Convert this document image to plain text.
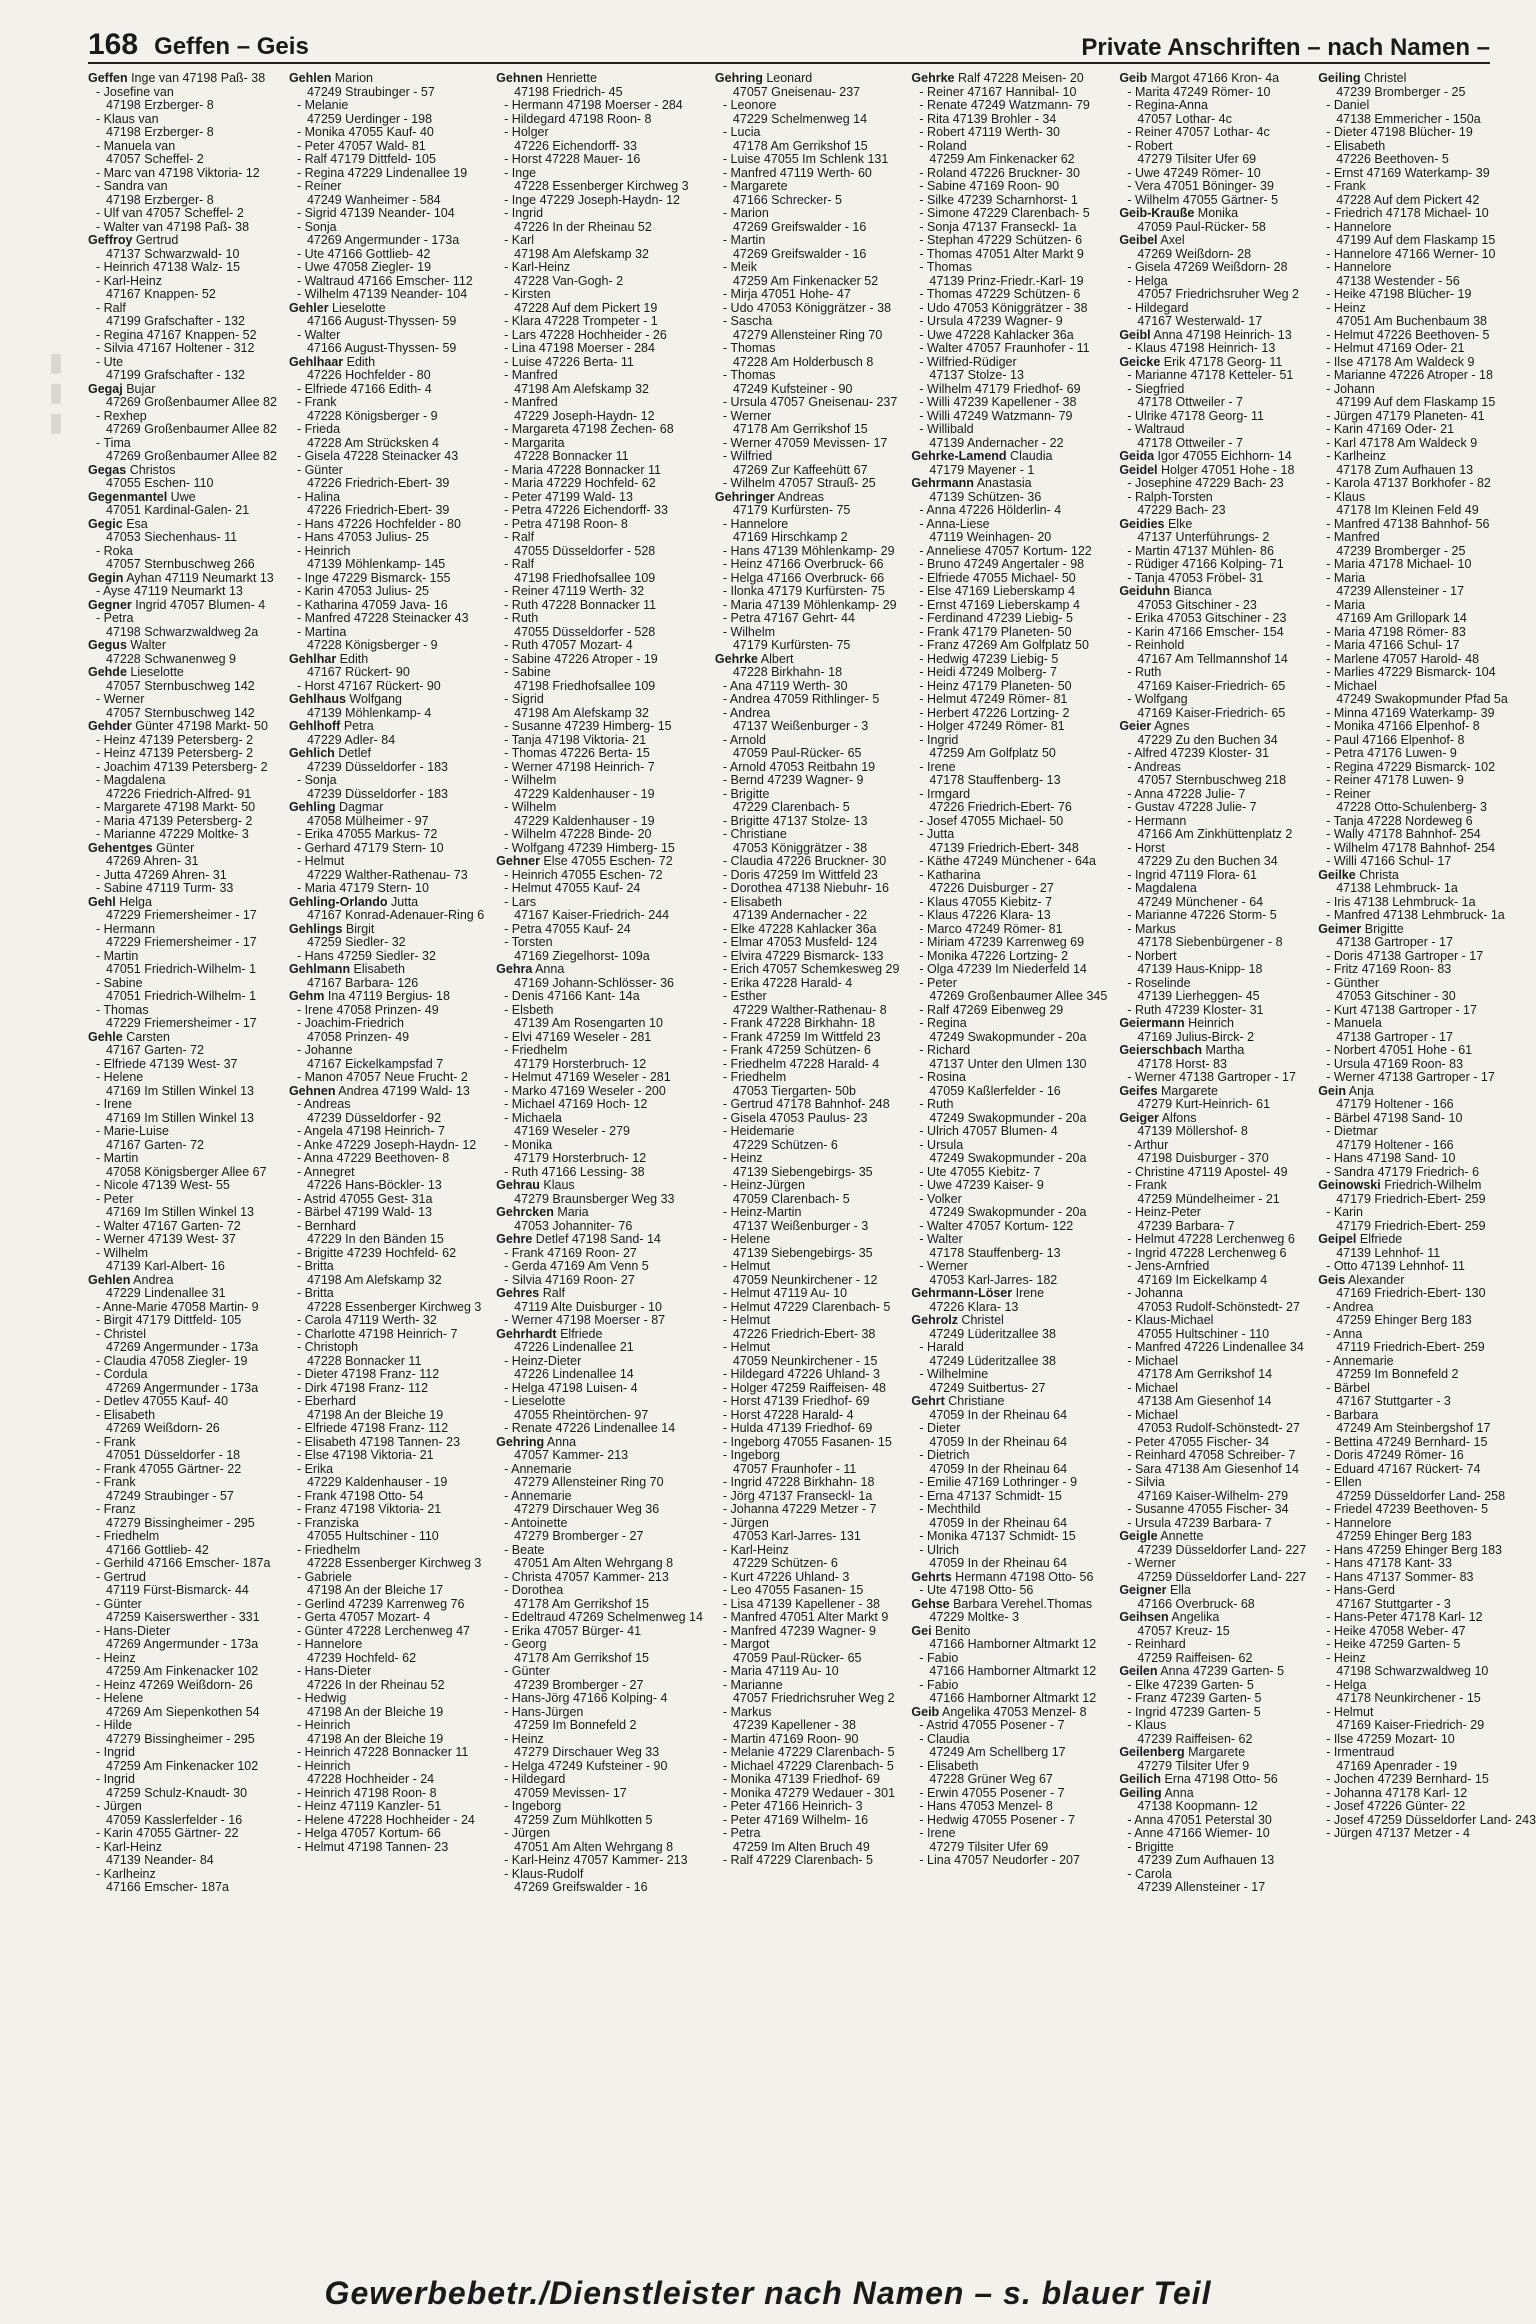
▮▮▮
168 Geffen – Geis	Private Anschriften – nach Namen –
Geffen Inge van 47198 Paß- 38
- Josefine van
47198 Erzberger- 8
- Klaus van
47198 Erzberger- 8
- Manuela van
47057 Scheffel- 2
- Marc van 47198 Viktoria- 12
- Sandra van
47198 Erzberger- 8
- Ulf van 47057 Scheffel- 2
- Walter van 47198 Paß- 38
Geffroy Gertrud
47137 Schwarzwald- 10
- Heinrich 47138 Walz- 15
- Karl-Heinz
47167 Knappen- 52
- Ralf
47199 Grafschafter - 132
- Regina 47167 Knappen- 52
- Silvia 47167 Holtener - 312
- Ute
47199 Grafschafter - 132
Gegaj Bujar
47269 Großenbaumer Allee 82
- Rexhep
47269 Großenbaumer Allee 82
- Tima
47269 Großenbaumer Allee 82
Gegas Christos
47055 Eschen- 110
Gegenmantel Uwe
47051 Kardinal-Galen- 21
Gegic Esa
47053 Siechenhaus- 11
- Roka
47057 Sternbuschweg 266
Gegin Ayhan 47119 Neumarkt 13
- Ayse 47119 Neumarkt 13
Gegner Ingrid 47057 Blumen- 4
- Petra
47198 Schwarzwaldweg 2a
Gegus Walter
47228 Schwanenweg 9
Gehde Lieselotte
47057 Sternbuschweg 142
- Werner
47057 Sternbuschweg 142
Gehder Günter 47198 Markt- 50
- Heinz 47139 Petersberg- 2
- Heinz 47139 Petersberg- 2
- Joachim 47139 Petersberg- 2
- Magdalena
47226 Friedrich-Alfred- 91
- Margarete 47198 Markt- 50
- Maria 47139 Petersberg- 2
- Marianne 47229 Moltke- 3
Gehentges Günter
47269 Ahren- 31
- Jutta 47269 Ahren- 31
- Sabine 47119 Turm- 33
Gehl Helga
47229 Friemersheimer - 17
- Hermann
47229 Friemersheimer - 17
- Martin
47051 Friedrich-Wilhelm- 1
- Sabine
47051 Friedrich-Wilhelm- 1
- Thomas
47229 Friemersheimer - 17
Gehle Carsten
47167 Garten- 72
- Elfriede 47139 West- 37
- Helene
47169 Im Stillen Winkel 13
- Irene
47169 Im Stillen Winkel 13
- Marie-Luise
47167 Garten- 72
- Martin
47058 Königsberger Allee 67
- Nicole 47139 West- 55
- Peter
47169 Im Stillen Winkel 13
- Walter 47167 Garten- 72
- Werner 47139 West- 37
- Wilhelm
47139 Karl-Albert- 16
Gehlen Andrea
47229 Lindenallee 31
- Anne-Marie 47058 Martin- 9
- Birgit 47179 Dittfeld- 105
- Christel
47269 Angermunder - 173a
- Claudia 47058 Ziegler- 19
- Cordula
47269 Angermunder - 173a
- Detlev 47055 Kauf- 40
- Elisabeth
47269 Weißdorn- 26
- Frank
47051 Düsseldorfer - 18
- Frank 47055 Gärtner- 22
- Frank
47249 Straubinger - 57
- Franz
47279 Bissingheimer - 295
- Friedhelm
47166 Gottlieb- 42
- Gerhild 47166 Emscher- 187a
- Gertrud
47119 Fürst-Bismarck- 44
- Günter
47259 Kaiserswerther - 331
- Hans-Dieter
47269 Angermunder - 173a
- Heinz
47259 Am Finkenacker 102
- Heinz 47269 Weißdorn- 26
- Helene
47269 Am Siepenkothen 54
- Hilde
47279 Bissingheimer - 295
- Ingrid
47259 Am Finkenacker 102
- Ingrid
47259 Schulz-Knaudt- 30
- Jürgen
47059 Kasslerfelder - 16
- Karin 47055 Gärtner- 22
- Karl-Heinz
47139 Neander- 84
- Karlheinz
47166 Emscher- 187a
Gehlen Marion
47249 Straubinger - 57
- Melanie
47259 Uerdinger - 198
- Monika 47055 Kauf- 40
- Peter 47057 Wald- 81
- Ralf 47179 Dittfeld- 105
- Regina 47229 Lindenallee 19
- Reiner
47249 Wanheimer - 584
- Sigrid 47139 Neander- 104
- Sonja
47269 Angermunder - 173a
- Ute 47166 Gottlieb- 42
- Uwe 47058 Ziegler- 19
- Waltraud 47166 Emscher- 112
- Wilhelm 47139 Neander- 104
Gehler Lieselotte
47166 August-Thyssen- 59
- Walter
47166 August-Thyssen- 59
Gehlhaar Edith
47226 Hochfelder - 80
- Elfriede 47166 Edith- 4
- Frank
47228 Königsberger - 9
- Frieda
47228 Am Strücksken 4
- Gisela 47228 Steinacker 43
- Günter
47226 Friedrich-Ebert- 39
- Halina
47226 Friedrich-Ebert- 39
- Hans 47226 Hochfelder - 80
- Hans 47053 Julius- 25
- Heinrich
47139 Möhlenkamp- 145
- Inge 47229 Bismarck- 155
- Karin 47053 Julius- 25
- Katharina 47059 Java- 16
- Manfred 47228 Steinacker 43
- Martina
47228 Königsberger - 9
Gehlhar Edith
47167 Rückert- 90
- Horst 47167 Rückert- 90
Gehlhaus Wolfgang
47139 Möhlenkamp- 4
Gehlhoff Petra
47229 Adler- 84
Gehlich Detlef
47239 Düsseldorfer - 183
- Sonja
47239 Düsseldorfer - 183
Gehling Dagmar
47058 Mülheimer - 97
- Erika 47055 Markus- 72
- Gerhard 47179 Stern- 10
- Helmut
47229 Walther-Rathenau- 73
- Maria 47179 Stern- 10
Gehling-Orlando Jutta
47167 Konrad-Adenauer-Ring 6
Gehlings Birgit
47259 Siedler- 32
- Hans 47259 Siedler- 32
Gehlmann Elisabeth
47167 Barbara- 126
Gehm Ina 47119 Bergius- 18
- Irene 47058 Prinzen- 49
- Joachim-Friedrich
47058 Prinzen- 49
- Johanne
47167 Eickelkampsfad 7
- Manon 47057 Neue Frucht- 2
Gehnen Andrea 47199 Wald- 13
- Andreas
47239 Düsseldorfer - 92
- Angela 47198 Heinrich- 7
- Anke 47229 Joseph-Haydn- 12
- Anna 47229 Beethoven- 8
- Annegret
47226 Hans-Böckler- 13
- Astrid 47055 Gest- 31a
- Bärbel 47199 Wald- 13
- Bernhard
47229 In den Bänden 15
- Brigitte 47239 Hochfeld- 62
- Britta
47198 Am Alefskamp 32
- Britta
47228 Essenberger Kirchweg 3
- Carola 47119 Werth- 32
- Charlotte 47198 Heinrich- 7
- Christoph
47228 Bonnacker 11
- Dieter 47198 Franz- 112
- Dirk 47198 Franz- 112
- Eberhard
47198 An der Bleiche 19
- Elfriede 47198 Franz- 112
- Elisabeth 47198 Tannen- 23
- Else 47198 Viktoria- 21
- Erika
47229 Kaldenhauser - 19
- Frank 47198 Otto- 54
- Franz 47198 Viktoria- 21
- Franziska
47055 Hultschiner - 110
- Friedhelm
47228 Essenberger Kirchweg 3
- Gabriele
47198 An der Bleiche 17
- Gerlind 47239 Karrenweg 76
- Gerta 47057 Mozart- 4
- Günter 47228 Lerchenweg 47
- Hannelore
47239 Hochfeld- 62
- Hans-Dieter
47226 In der Rheinau 52
- Hedwig
47198 An der Bleiche 19
- Heinrich
47198 An der Bleiche 19
- Heinrich 47228 Bonnacker 11
- Heinrich
47228 Hochheider - 24
- Heinrich 47198 Roon- 8
- Heinz 47119 Kanzler- 51
- Helene 47228 Hochheider - 24
- Helga 47057 Kortum- 66
- Helmut 47198 Tannen- 23
Gehnen Henriette
47198 Friedrich- 45
- Hermann 47198 Moerser - 284
- Hildegard 47198 Roon- 8
- Holger
47226 Eichendorff- 33
- Horst 47228 Mauer- 16
- Inge
47228 Essenberger Kirchweg 3
- Inge 47229 Joseph-Haydn- 12
- Ingrid
47226 In der Rheinau 52
- Karl
47198 Am Alefskamp 32
- Karl-Heinz
47228 Van-Gogh- 2
- Kirsten
47228 Auf dem Pickert 19
- Klara 47228 Trompeter - 1
- Lars 47228 Hochheider - 26
- Lina 47198 Moerser - 284
- Luise 47226 Berta- 11
- Manfred
47198 Am Alefskamp 32
- Manfred
47229 Joseph-Haydn- 12
- Margareta 47198 Zechen- 68
- Margarita
47228 Bonnacker 11
- Maria 47228 Bonnacker 11
- Maria 47229 Hochfeld- 62
- Peter 47199 Wald- 13
- Petra 47226 Eichendorff- 33
- Petra 47198 Roon- 8
- Ralf
47055 Düsseldorfer - 528
- Ralf
47198 Friedhofsallee 109
- Reiner 47119 Werth- 32
- Ruth 47228 Bonnacker 11
- Ruth
47055 Düsseldorfer - 528
- Ruth 47057 Mozart- 4
- Sabine 47226 Atroper - 19
- Sabine
47198 Friedhofsallee 109
- Sigrid
47198 Am Alefskamp 32
- Susanne 47239 Himberg- 15
- Tanja 47198 Viktoria- 21
- Thomas 47226 Berta- 15
- Werner 47198 Heinrich- 7
- Wilhelm
47229 Kaldenhauser - 19
- Wilhelm
47229 Kaldenhauser - 19
- Wilhelm 47228 Binde- 20
- Wolfgang 47239 Himberg- 15
Gehner Else 47055 Eschen- 72
- Heinrich 47055 Eschen- 72
- Helmut 47055 Kauf- 24
- Lars
47167 Kaiser-Friedrich- 244
- Petra 47055 Kauf- 24
- Torsten
47169 Ziegelhorst- 109a
Gehra Anna
47169 Johann-Schlösser- 36
- Denis 47166 Kant- 14a
- Elsbeth
47139 Am Rosengarten 10
- Elvi 47169 Weseler - 281
- Friedhelm
47179 Horsterbruch- 12
- Helmut 47169 Weseler - 281
- Marko 47169 Weseler - 200
- Michael 47169 Hoch- 12
- Michaela
47169 Weseler - 279
- Monika
47179 Horsterbruch- 12
- Ruth 47166 Lessing- 38
Gehrau Klaus
47279 Braunsberger Weg 33
Gehrcken Maria
47053 Johanniter- 76
Gehre Detlef 47198 Sand- 14
- Frank 47169 Roon- 27
- Gerda 47169 Am Venn 5
- Silvia 47169 Roon- 27
Gehres Ralf
47119 Alte Duisburger - 10
- Werner 47198 Moerser - 87
Gehrhardt Elfriede
47226 Lindenallee 21
- Heinz-Dieter
47226 Lindenallee 14
- Helga 47198 Luisen- 4
- Lieselotte
47055 Rheintörchen- 97
- Renate 47226 Lindenallee 14
Gehring Anna
47057 Kammer- 213
- Annemarie
47279 Allensteiner Ring 70
- Annemarie
47279 Dirschauer Weg 36
- Antoinette
47279 Bromberger - 27
- Beate
47051 Am Alten Wehrgang 8
- Christa 47057 Kammer- 213
- Dorothea
47178 Am Gerrikshof 15
- Edeltraud 47269 Schelmenweg 14
- Erika 47057 Bürger- 41
- Georg
47178 Am Gerrikshof 15
- Günter
47239 Bromberger - 27
- Hans-Jörg 47166 Kolping- 4
- Hans-Jürgen
47259 Im Bonnefeld 2
- Heinz
47279 Dirschauer Weg 33
- Helga 47249 Kufsteiner - 90
- Hildegard
47059 Mevissen- 17
- Ingeborg
47259 Zum Mühlkotten 5
- Jürgen
47051 Am Alten Wehrgang 8
- Karl-Heinz 47057 Kammer- 213
- Klaus-Rudolf
47269 Greifswalder - 16
Gehring Leonard
47057 Gneisenau- 237
- Leonore
47229 Schelmenweg 14
- Lucia
47178 Am Gerrikshof 15
- Luise 47055 Im Schlenk 131
- Manfred 47119 Werth- 60
- Margarete
47166 Schrecker- 5
- Marion
47269 Greifswalder - 16
- Martin
47269 Greifswalder - 16
- Meik
47259 Am Finkenacker 52
- Mirja 47051 Hohe- 47
- Udo 47053 Königgrätzer - 38
- Sascha
47279 Allensteiner Ring 70
- Thomas
47228 Am Holderbusch 8
- Thomas
47249 Kufsteiner - 90
- Ursula 47057 Gneisenau- 237
- Werner
47178 Am Gerrikshof 15
- Werner 47059 Mevissen- 17
- Wilfried
47269 Zur Kaffeehütt 67
- Wilhelm 47057 Strauß- 25
Gehringer Andreas
47179 Kurfürsten- 75
- Hannelore
47169 Hirschkamp 2
- Hans 47139 Möhlenkamp- 29
- Heinz 47166 Overbruck- 66
- Helga 47166 Overbruck- 66
- Ilonka 47179 Kurfürsten- 75
- Maria 47139 Möhlenkamp- 29
- Petra 47167 Gehrt- 44
- Wilhelm
47179 Kurfürsten- 75
Gehrke Albert
47228 Birkhahn- 18
- Ana 47119 Werth- 30
- Andrea 47059 Rithlinger- 5
- Andrea
47137 Weißenburger - 3
- Arnold
47059 Paul-Rücker- 65
- Arnold 47053 Reitbahn 19
- Bernd 47239 Wagner- 9
- Brigitte
47229 Clarenbach- 5
- Brigitte 47137 Stolze- 13
- Christiane
47053 Königgrätzer - 38
- Claudia 47226 Bruckner- 30
- Doris 47259 Im Wittfeld 23
- Dorothea 47138 Niebuhr- 16
- Elisabeth
47139 Andernacher - 22
- Elke 47228 Kahlacker 36a
- Elmar 47053 Musfeld- 124
- Elvira 47229 Bismarck- 133
- Erich 47057 Schemkesweg 29
- Erika 47228 Harald- 4
- Esther
47229 Walther-Rathenau- 8
- Frank 47228 Birkhahn- 18
- Frank 47259 Im Wittfeld 23
- Frank 47259 Schützen- 6
- Friedhelm 47228 Harald- 4
- Friedhelm
47053 Tiergarten- 50b
- Gertrud 47178 Bahnhof- 248
- Gisela 47053 Paulus- 23
- Heidemarie
47229 Schützen- 6
- Heinz
47139 Siebengebirgs- 35
- Heinz-Jürgen
47059 Clarenbach- 5
- Heinz-Martin
47137 Weißenburger - 3
- Helene
47139 Siebengebirgs- 35
- Helmut
47059 Neunkirchener - 12
- Helmut 47119 Au- 10
- Helmut 47229 Clarenbach- 5
- Helmut
47226 Friedrich-Ebert- 38
- Helmut
47059 Neunkirchener - 15
- Hildegard 47226 Uhland- 3
- Holger 47259 Raiffeisen- 48
- Horst 47139 Friedhof- 69
- Horst 47228 Harald- 4
- Hulda 47139 Friedhof- 69
- Ingeborg 47055 Fasanen- 15
- Ingeborg
47057 Fraunhofer - 11
- Ingrid 47228 Birkhahn- 18
- Jörg 47137 Franseckl- 1a
- Johanna 47229 Metzer - 7
- Jürgen
47053 Karl-Jarres- 131
- Karl-Heinz
47229 Schützen- 6
- Kurt 47226 Uhland- 3
- Leo 47055 Fasanen- 15
- Lisa 47139 Kapellener - 38
- Manfred 47051 Alter Markt 9
- Manfred 47239 Wagner- 9
- Margot
47059 Paul-Rücker- 65
- Maria 47119 Au- 10
- Marianne
47057 Friedrichsruher Weg 2
- Markus
47239 Kapellener - 38
- Martin 47169 Roon- 90
- Melanie 47229 Clarenbach- 5
- Michael 47229 Clarenbach- 5
- Monika 47139 Friedhof- 69
- Monika 47279 Wedauer - 301
- Peter 47166 Heinrich- 3
- Peter 47169 Wilhelm- 16
- Petra
47259 Im Alten Bruch 49
- Ralf 47229 Clarenbach- 5
Gehrke Ralf 47228 Meisen- 20
- Reiner 47167 Hannibal- 10
- Renate 47249 Watzmann- 79
- Rita 47139 Brohler - 34
- Robert 47119 Werth- 30
- Roland
47259 Am Finkenacker 62
- Roland 47226 Bruckner- 30
- Sabine 47169 Roon- 90
- Silke 47239 Scharnhorst- 1
- Simone 47229 Clarenbach- 5
- Sonja 47137 Franseckl- 1a
- Stephan 47229 Schützen- 6
- Thomas 47051 Alter Markt 9
- Thomas
47139 Prinz-Friedr.-Karl- 19
- Thomas 47229 Schützen- 6
- Udo 47053 Königgrätzer - 38
- Ursula 47239 Wagner- 9
- Uwe 47228 Kahlacker 36a
- Walter 47057 Fraunhofer - 11
- Wilfried-Rüdiger
47137 Stolze- 13
- Wilhelm 47179 Friedhof- 69
- Willi 47239 Kapellener - 38
- Willi 47249 Watzmann- 79
- Willibald
47139 Andernacher - 22
Gehrke-Lamend Claudia
47179 Mayener - 1
Gehrmann Anastasia
47139 Schützen- 36
- Anna 47226 Hölderlin- 4
- Anna-Liese
47119 Weinhagen- 20
- Anneliese 47057 Kortum- 122
- Bruno 47249 Angertaler - 98
- Elfriede 47055 Michael- 50
- Else 47169 Lieberskamp 4
- Ernst 47169 Lieberskamp 4
- Ferdinand 47239 Liebig- 5
- Frank 47179 Planeten- 50
- Franz 47269 Am Golfplatz 50
- Hedwig 47239 Liebig- 5
- Heidi 47249 Molberg- 7
- Heinz 47179 Planeten- 50
- Helmut 47249 Römer- 81
- Herbert 47226 Lortzing- 2
- Holger 47249 Römer- 81
- Ingrid
47259 Am Golfplatz 50
- Irene
47178 Stauffenberg- 13
- Irmgard
47226 Friedrich-Ebert- 76
- Josef 47055 Michael- 50
- Jutta
47139 Friedrich-Ebert- 348
- Käthe 47249 Münchener - 64a
- Katharina
47226 Duisburger - 27
- Klaus 47055 Kiebitz- 7
- Klaus 47226 Klara- 13
- Marco 47249 Römer- 81
- Miriam 47239 Karrenweg 69
- Monika 47226 Lortzing- 2
- Olga 47239 Im Niederfeld 14
- Peter
47269 Großenbaumer Allee 345
- Ralf 47269 Eibenweg 29
- Regina
47249 Swakopmunder - 20a
- Richard
47137 Unter den Ulmen 130
- Rosina
47059 Kaßlerfelder - 16
- Ruth
47249 Swakopmunder - 20a
- Ulrich 47057 Blumen- 4
- Ursula
47249 Swakopmunder - 20a
- Ute 47055 Kiebitz- 7
- Uwe 47239 Kaiser- 9
- Volker
47249 Swakopmunder - 20a
- Walter 47057 Kortum- 122
- Walter
47178 Stauffenberg- 13
- Werner
47053 Karl-Jarres- 182
Gehrmann-Löser Irene
47226 Klara- 13
Gehrolz Christel
47249 Lüderitzallee 38
- Harald
47249 Lüderitzallee 38
- Wilhelmine
47249 Suitbertus- 27
Gehrt Christiane
47059 In der Rheinau 64
- Dieter
47059 In der Rheinau 64
- Dietrich
47059 In der Rheinau 64
- Emilie 47169 Lothringer - 9
- Erna 47137 Schmidt- 15
- Mechthild
47059 In der Rheinau 64
- Monika 47137 Schmidt- 15
- Ulrich
47059 In der Rheinau 64
Gehrts Hermann 47198 Otto- 56
- Ute 47198 Otto- 56
Gehse Barbara Verehel.Thomas
47229 Moltke- 3
Gei Benito
47166 Hamborner Altmarkt 12
- Fabio
47166 Hamborner Altmarkt 12
- Fabio
47166 Hamborner Altmarkt 12
Geib Angelika 47053 Menzel- 8
- Astrid 47055 Posener - 7
- Claudia
47249 Am Schellberg 17
- Elisabeth
47228 Grüner Weg 67
- Erwin 47055 Posener - 7
- Hans 47053 Menzel- 8
- Hedwig 47055 Posener - 7
- Irene
47279 Tilsiter Ufer 69
- Lina 47057 Neudorfer - 207
Geib Margot 47166 Kron- 4a
- Marita 47249 Römer- 10
- Regina-Anna
47057 Lothar- 4c
- Reiner 47057 Lothar- 4c
- Robert
47279 Tilsiter Ufer 69
- Uwe 47249 Römer- 10
- Vera 47051 Böninger- 39
- Wilhelm 47055 Gärtner- 5
Geib-Krauße Monika
47059 Paul-Rücker- 58
Geibel Axel
47269 Weißdorn- 28
- Gisela 47269 Weißdorn- 28
- Helga
47057 Friedrichsruher Weg 2
- Hildegard
47167 Westerwald- 17
Geibl Anna 47198 Heinrich- 13
- Klaus 47198 Heinrich- 13
Geicke Erik 47178 Georg- 11
- Marianne 47178 Ketteler- 51
- Siegfried
47178 Ottweiler - 7
- Ulrike 47178 Georg- 11
- Waltraud
47178 Ottweiler - 7
Geida Igor 47055 Eichhorn- 14
Geidel Holger 47051 Hohe - 18
- Josephine 47229 Bach- 23
- Ralph-Torsten
47229 Bach- 23
Geidies Elke
47137 Unterführungs- 2
- Martin 47137 Mühlen- 86
- Rüdiger 47166 Kolping- 71
- Tanja 47053 Fröbel- 31
Geiduhn Bianca
47053 Gitschiner - 23
- Erika 47053 Gitschiner - 23
- Karin 47166 Emscher- 154
- Reinhold
47167 Am Tellmannshof 14
- Ruth
47169 Kaiser-Friedrich- 65
- Wolfgang
47169 Kaiser-Friedrich- 65
Geier Agnes
47229 Zu den Buchen 34
- Alfred 47239 Kloster- 31
- Andreas
47057 Sternbuschweg 218
- Anna 47228 Julie- 7
- Gustav 47228 Julie- 7
- Hermann
47166 Am Zinkhüttenplatz 2
- Horst
47229 Zu den Buchen 34
- Ingrid 47119 Flora- 61
- Magdalena
47249 Münchener - 64
- Marianne 47226 Storm- 5
- Markus
47178 Siebenbürgener - 8
- Norbert
47139 Haus-Knipp- 18
- Roselinde
47139 Lierheggen- 45
- Ruth 47239 Kloster- 31
Geiermann Heinrich
47169 Julius-Birck- 2
Geierschbach Martha
47178 Horst- 83
- Werner 47138 Gartroper - 17
Geifes Margarete
47279 Kurt-Heinrich- 61
Geiger Alfons
47139 Möllershof- 8
- Arthur
47198 Duisburger - 370
- Christine 47119 Apostel- 49
- Frank
47259 Mündelheimer - 21
- Heinz-Peter
47239 Barbara- 7
- Helmut 47228 Lerchenweg 6
- Ingrid 47228 Lerchenweg 6
- Jens-Arnfried
47169 Im Eickelkamp 4
- Johanna
47053 Rudolf-Schönstedt- 27
- Klaus-Michael
47055 Hultschiner - 110
- Manfred 47226 Lindenallee 34
- Michael
47178 Am Gerrikshof 14
- Michael
47138 Am Giesenhof 14
- Michael
47053 Rudolf-Schönstedt- 27
- Peter 47055 Fischer- 34
- Reinhard 47058 Schreiber- 7
- Sara 47138 Am Giesenhof 14
- Silvia
47169 Kaiser-Wilhelm- 279
- Susanne 47055 Fischer- 34
- Ursula 47239 Barbara- 7
Geigle Annette
47239 Düsseldorfer Land- 227
- Werner
47259 Düsseldorfer Land- 227
Geigner Ella
47166 Overbruck- 68
Geihsen Angelika
47057 Kreuz- 15
- Reinhard
47259 Raiffeisen- 62
Geilen Anna 47239 Garten- 5
- Elke 47239 Garten- 5
- Franz 47239 Garten- 5
- Ingrid 47239 Garten- 5
- Klaus
47239 Raiffeisen- 62
Geilenberg Margarete
47279 Tilsiter Ufer 9
Geilich Erna 47198 Otto- 56
Geiling Anna
47138 Koopmann- 12
- Anna 47051 Peterstal 30
- Anne 47166 Wiemer- 10
- Brigitte
47239 Zum Aufhauen 13
- Carola
47239 Allensteiner - 17
Geiling Christel
47239 Bromberger - 25
- Daniel
47138 Emmericher - 150a
- Dieter 47198 Blücher- 19
- Elisabeth
47226 Beethoven- 5
- Ernst 47169 Waterkamp- 39
- Frank
47228 Auf dem Pickert 42
- Friedrich 47178 Michael- 10
- Hannelore
47199 Auf dem Flaskamp 15
- Hannelore 47166 Werner- 10
- Hannelore
47138 Westender - 56
- Heike 47198 Blücher- 19
- Heinz
47051 Am Buchenbaum 38
- Helmut 47226 Beethoven- 5
- Helmut 47169 Oder- 21
- Ilse 47178 Am Waldeck 9
- Marianne 47226 Atroper - 18
- Johann
47199 Auf dem Flaskamp 15
- Jürgen 47179 Planeten- 41
- Karin 47169 Oder- 21
- Karl 47178 Am Waldeck 9
- Karlheinz
47178 Zum Aufhauen 13
- Karola 47137 Borkhofer - 82
- Klaus
47178 Im Kleinen Feld 49
- Manfred 47138 Bahnhof- 56
- Manfred
47239 Bromberger - 25
- Maria 47178 Michael- 10
- Maria
47239 Allensteiner - 17
- Maria
47169 Am Grillopark 14
- Maria 47198 Römer- 83
- Maria 47166 Schul- 17
- Marlene 47057 Harold- 48
- Marlies 47229 Bismarck- 104
- Michael
47249 Swakopmunder Pfad 5a
- Minna 47169 Waterkamp- 39
- Monika 47166 Elpenhof- 8
- Paul 47166 Elpenhof- 8
- Petra 47176 Luwen- 9
- Regina 47229 Bismarck- 102
- Reiner 47178 Luwen- 9
- Reiner
47228 Otto-Schulenberg- 3
- Tanja 47228 Nordeweg 6
- Wally 47178 Bahnhof- 254
- Wilhelm 47178 Bahnhof- 254
- Willi 47166 Schul- 17
Geilke Christa
47138 Lehmbruck- 1a
- Iris 47138 Lehmbruck- 1a
- Manfred 47138 Lehmbruck- 1a
Geimer Brigitte
47138 Gartroper - 17
- Doris 47138 Gartroper - 17
- Fritz 47169 Roon- 83
- Günther
47053 Gitschiner - 30
- Kurt 47138 Gartroper - 17
- Manuela
47138 Gartroper - 17
- Norbert 47051 Hohe - 61
- Ursula 47169 Roon- 83
- Werner 47138 Gartroper - 17
Gein Anja
47179 Holtener - 166
- Bärbel 47198 Sand- 10
- Dietmar
47179 Holtener - 166
- Hans 47198 Sand- 10
- Sandra 47179 Friedrich- 6
Geinowski Friedrich-Wilhelm
47179 Friedrich-Ebert- 259
- Karin
47179 Friedrich-Ebert- 259
Geipel Elfriede
47139 Lehnhof- 11
- Otto 47139 Lehnhof- 11
Geis Alexander
47169 Friedrich-Ebert- 130
- Andrea
47259 Ehinger Berg 183
- Anna
47119 Friedrich-Ebert- 259
- Annemarie
47259 Im Bonnefeld 2
- Bärbel
47167 Stuttgarter - 3
- Barbara
47249 Am Steinbergshof 17
- Bettina 47249 Bernhard- 15
- Doris 47249 Römer- 16
- Eduard 47167 Rückert- 74
- Ellen
47259 Düsseldorfer Land- 258
- Friedel 47239 Beethoven- 5
- Hannelore
47259 Ehinger Berg 183
- Hans 47259 Ehinger Berg 183
- Hans 47178 Kant- 33
- Hans 47137 Sommer- 83
- Hans-Gerd
47167 Stuttgarter - 3
- Hans-Peter 47178 Karl- 12
- Heike 47058 Weber- 47
- Heike 47259 Garten- 5
- Heinz
47198 Schwarzwaldweg 10
- Helga
47178 Neunkirchener - 15
- Helmut
47169 Kaiser-Friedrich- 29
- Ilse 47259 Mozart- 10
- Irmentraud
47169 Apenrader - 19
- Jochen 47239 Bernhard- 15
- Johanna 47178 Karl- 12
- Josef 47226 Günter- 22
- Josef 47259 Düsseldorfer Land- 243
- Jürgen 47137 Metzer - 4
Gewerbebetr./Dienstleister nach Namen – s. blauer Teil
